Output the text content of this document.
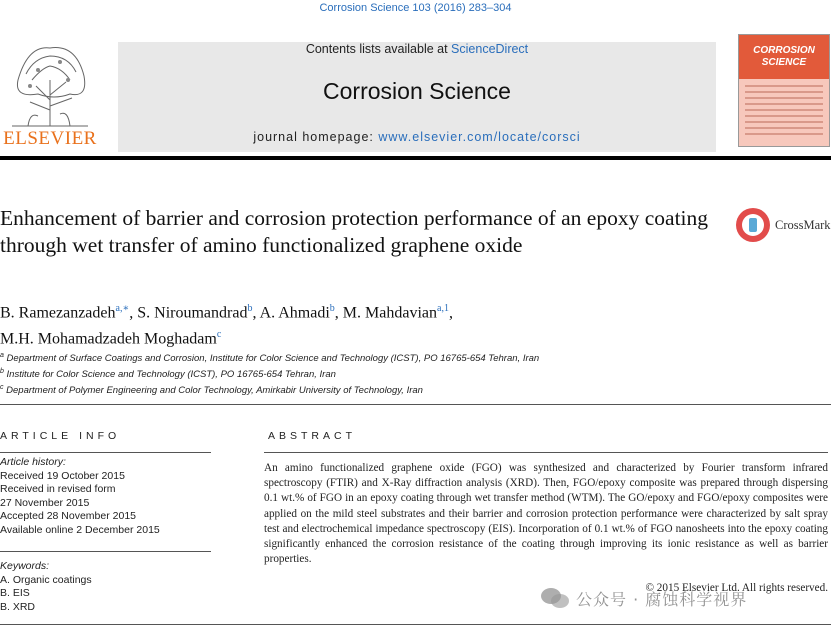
Corrosion Science 103 (2016) 283–304
ELSEVIER
Contents lists available at ScienceDirect
Corrosion Science
journal homepage: www.elsevier.com/locate/corsci
CORROSION
SCIENCE
Enhancement of barrier and corrosion protection performance of an epoxy coating through wet transfer of amino functionalized graphene oxide
CrossMark
B. Ramezanzadeh$^{a,∗}$, S. Niroumandrad$^b$, A. Ahmadi$^b$, M. Mahdavian$^{a,1}$,
M.H. Mohamadzadeh Moghadam$^c$
$^a$ Department of Surface Coatings and Corrosion, Institute for Color Science and Technology (ICST), PO 16765-654 Tehran, Iran
$^b$ Institute for Color Science and Technology (ICST), PO 16765-654 Tehran, Iran
$^c$ Department of Polymer Engineering and Color Technology, Amirkabir University of Technology, Iran
ARTICLE INFO	ABSTRACT
Article history:
Received 19 October 2015
Received in revised form
27 November 2015
Accepted 28 November 2015
Available online 2 December 2015
Keywords:
A. Organic coatings
B. EIS
B. XRD
An amino functionalized graphene oxide (FGO) was synthesized and characterized by Fourier transform infrared spectroscopy (FTIR) and X-Ray diffraction analysis (XRD). Then, FGO/epoxy composite was prepared through dispersing 0.1 wt.% of FGO in an epoxy coating through wet transfer method (WTM). The GO/epoxy and FGO/epoxy composites were applied on the mild steel substrates and their barrier and corrosion protection performance were characterized by salt spray test and electrochemical impedance spectroscopy (EIS). Incorporation of 0.1 wt.% of FGO nanosheets into the epoxy coating significantly enhanced the corrosion resistance of the coating through improving its ionic resistance as well as barrier properties.
© 2015 Elsevier Ltd. All rights reserved.
公众号 · 腐蚀科学视界
